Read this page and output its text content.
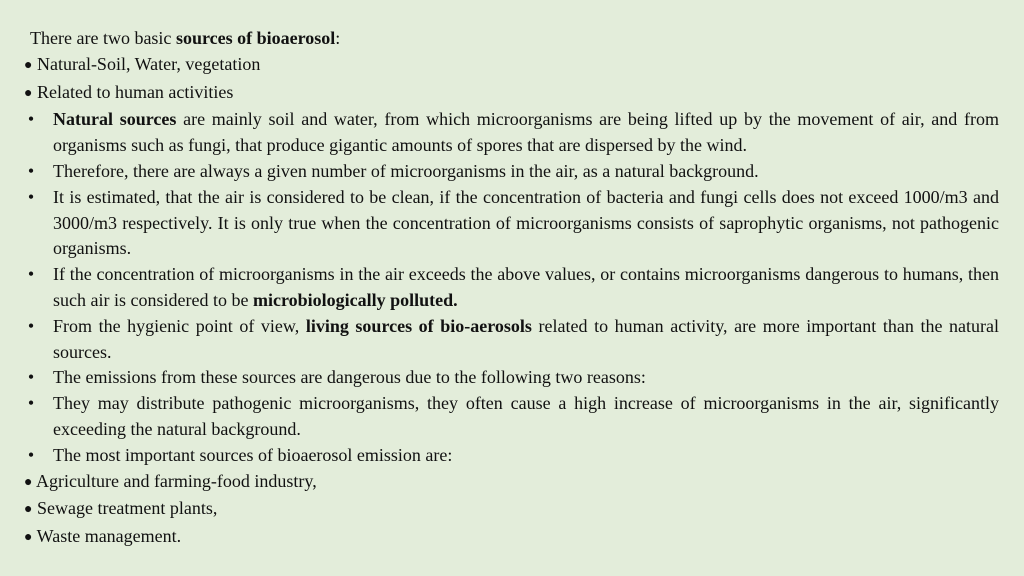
There are two basic sources of bioaerosol:
● Natural-Soil, Water, vegetation
● Related to human activities
• Natural sources are mainly soil and water, from which microorganisms are being lifted up by the movement of air, and from organisms such as fungi, that produce gigantic amounts of spores that are dispersed by the wind.
• Therefore, there are always a given number of microorganisms in the air, as a natural background.
• It is estimated, that the air is considered to be clean, if the concentration of bacteria and fungi cells does not exceed 1000/m3 and 3000/m3 respectively. It is only true when the concentration of microorganisms consists of saprophytic organisms, not pathogenic organisms.
• If the concentration of microorganisms in the air exceeds the above values, or contains microorganisms dangerous to humans, then such air is considered to be microbiologically polluted.
• From the hygienic point of view, living sources of bio-aerosols related to human activity, are more important than the natural sources.
• The emissions from these sources are dangerous due to the following two reasons:
• They may distribute pathogenic microorganisms, they often cause a high increase of microorganisms in the air, significantly exceeding the natural background.
• The most important sources of bioaerosol emission are:
● Agriculture and farming-food industry,
● Sewage treatment plants,
● Waste management.
